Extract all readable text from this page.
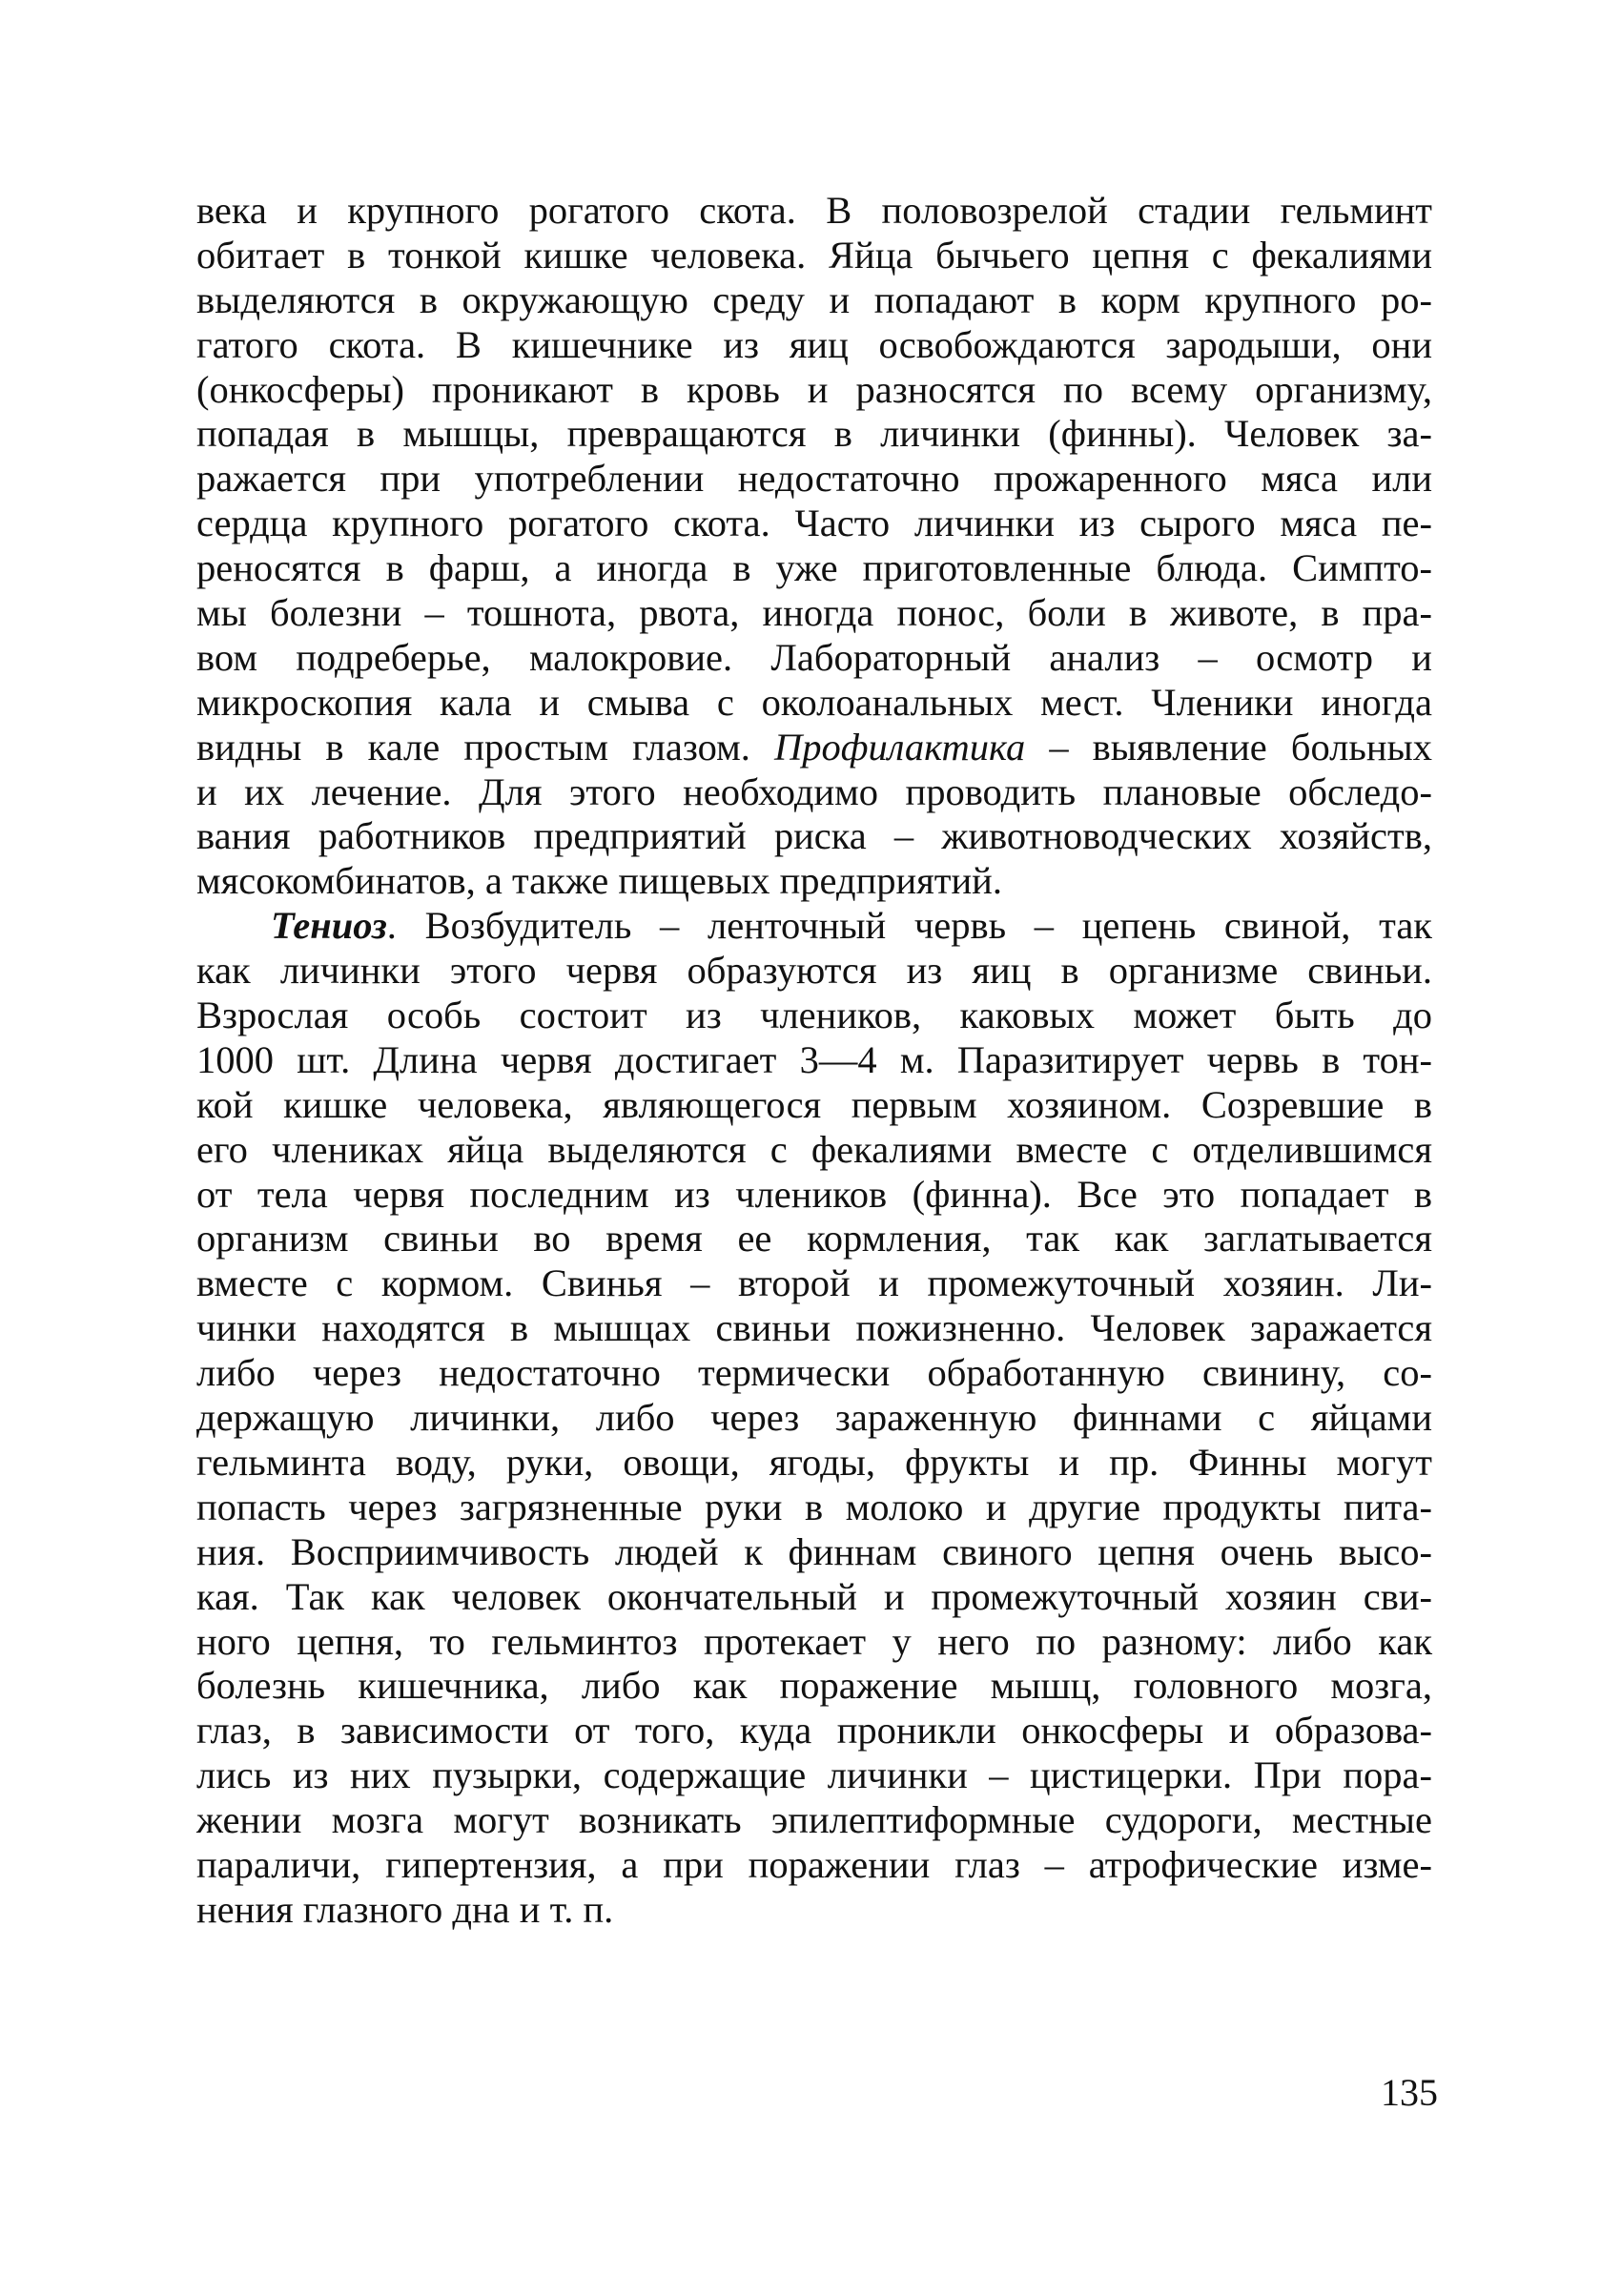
века и крупного рогатого скота. В половозрелой стадии гельминт
обитает в тонкой кишке человека. Яйца бычьего цепня с фекалиями
выделяются в окружающую среду и попадают в корм крупного ро-
гатого скота. В кишечнике из яиц освобождаются зародыши, они
(онкосферы) проникают в кровь и разносятся по всему организму,
попадая в мышцы, превращаются в личинки (финны). Человек за-
ражается при употреблении недостаточно прожаренного мяса или
сердца крупного рогатого скота. Часто личинки из сырого мяса пе-
реносятся в фарш, а иногда в уже приготовленные блюда. Симпто-
мы болезни – тошнота, рвота, иногда понос, боли в животе, в пра-
вом подреберье, малокровие. Лабораторный анализ – осмотр и
микроскопия кала и смыва с околоанальных мест. Членики иногда
видны в кале простым глазом. Профилактика – выявление больных
и их лечение. Для этого необходимо проводить плановые обследо-
вания работников предприятий риска – животноводческих хозяйств,
мясокомбинатов, а также пищевых предприятий.
Тениоз. Возбудитель – ленточный червь – цепень свиной, так
как личинки этого червя образуются из яиц в организме свиньи.
Взрослая особь состоит из члеников, каковых может быть до
1000 шт. Длина червя достигает 3—4 м. Паразитирует червь в тон-
кой кишке человека, являющегося первым хозяином. Созревшие в
его члениках яйца выделяются с фекалиями вместе с отделившимся
от тела червя последним из члеников (финна). Все это попадает в
организм свиньи во время ее кормления, так как заглатывается
вместе с кормом. Свинья – второй и промежуточный хозяин. Ли-
чинки находятся в мышцах свиньи пожизненно. Человек заражается
либо через недостаточно термически обработанную свинину, со-
держащую личинки, либо через зараженную финнами с яйцами
гельминта воду, руки, овощи, ягоды, фрукты и пр. Финны могут
попасть через загрязненные руки в молоко и другие продукты пита-
ния. Восприимчивость людей к финнам свиного цепня очень высо-
кая. Так как человек окончательный и промежуточный хозяин сви-
ного цепня, то гельминтоз протекает у него по разному: либо как
болезнь кишечника, либо как поражение мышц, головного мозга,
глаз, в зависимости от того, куда проникли онкосферы и образова-
лись из них пузырки, содержащие личинки – цистицерки. При пора-
жении мозга могут возникать эпилептиформные судороги, местные
параличи, гипертензия, а при поражении глаз – атрофические изме-
нения глазного дна и т. п.
135
